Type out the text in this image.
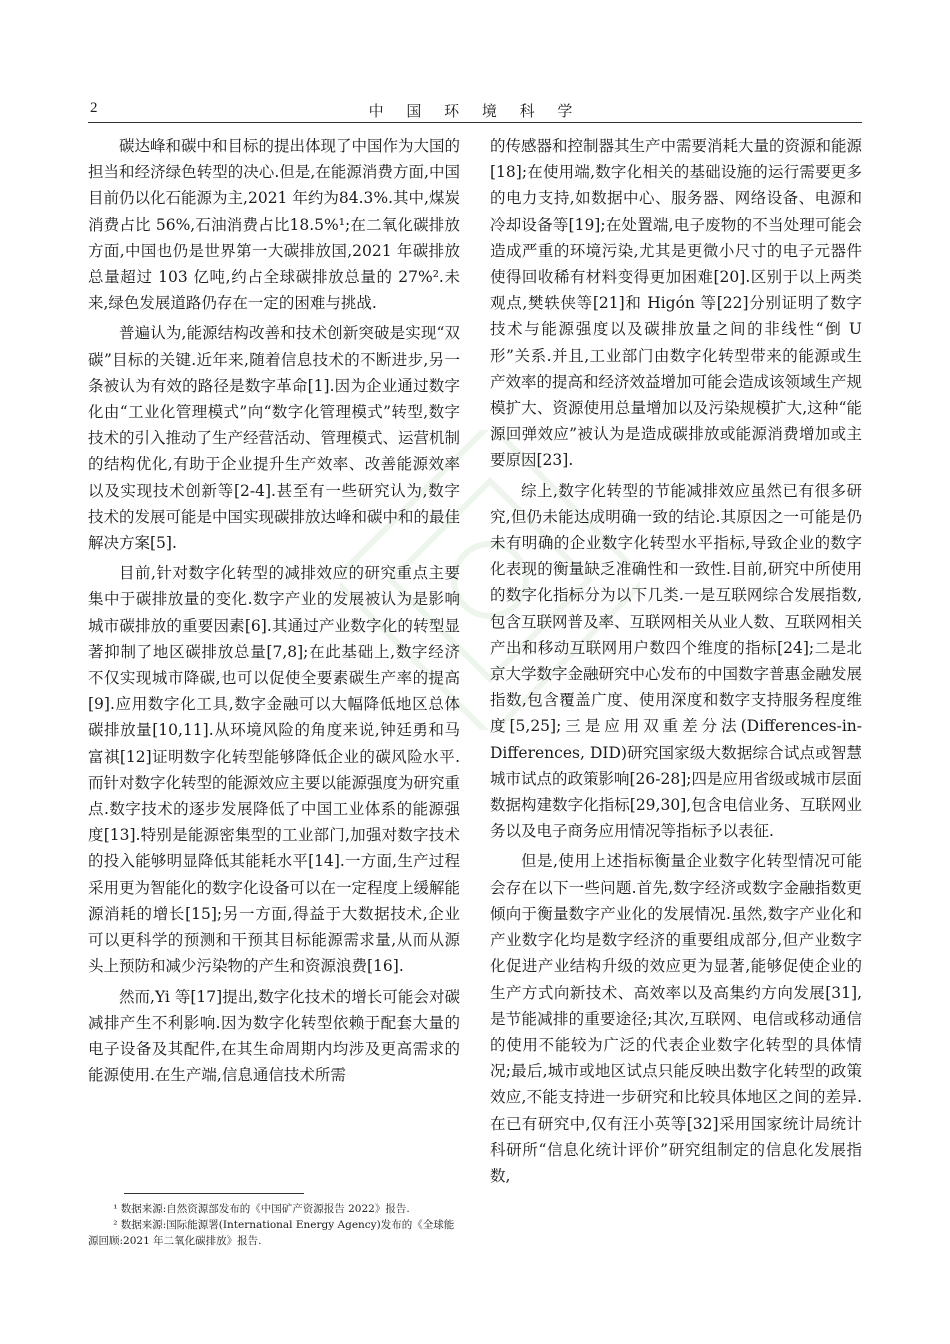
2	中 国 环 境 科 学

碳达峰和碳中和目标的提出体现了中国作为大国的担当和经济绿色转型的决心.但是,在能源消费方面,中国目前仍以化石能源为主,2021 年约为84.3%.其中,煤炭消费占比 56%,石油消费占比18.5%¹;在二氧化碳排放方面,中国也仍是世界第一大碳排放国,2021 年碳排放总量超过 103 亿吨,约占全球碳排放总量的 27%².未来,绿色发展道路仍存在一定的困难与挑战.

普遍认为,能源结构改善和技术创新突破是实现“双碳”目标的关键.近年来,随着信息技术的不断进步,另一条被认为有效的路径是数字革命[1].因为企业通过数字化由“工业化管理模式”向“数字化管理模式”转型,数字技术的引入推动了生产经营活动、管理模式、运营机制的结构优化,有助于企业提升生产效率、改善能源效率以及实现技术创新等[2-4].甚至有一些研究认为,数字技术的发展可能是中国实现碳排放达峰和碳中和的最佳解决方案[5].

目前,针对数字化转型的减排效应的研究重点主要集中于碳排放量的变化.数字产业的发展被认为是影响城市碳排放的重要因素[6].其通过产业数字化的转型显著抑制了地区碳排放总量[7,8];在此基础上,数字经济不仅实现城市降碳,也可以促使全要素碳生产率的提高[9].应用数字化工具,数字金融可以大幅降低地区总体碳排放量[10,11].从环境风险的角度来说,钟廷勇和马富祺[12]证明数字化转型能够降低企业的碳风险水平.而针对数字化转型的能源效应主要以能源强度为研究重点.数字技术的逐步发展降低了中国工业体系的能源强度[13].特别是能源密集型的工业部门,加强对数字技术的投入能够明显降低其能耗水平[14].一方面,生产过程采用更为智能化的数字化设备可以在一定程度上缓解能源消耗的增长[15];另一方面,得益于大数据技术,企业可以更科学的预测和干预其目标能源需求量,从而从源头上预防和减少污染物的产生和资源浪费[16].

然而,Yi 等[17]提出,数字化技术的增长可能会对碳减排产生不利影响.因为数字化转型依赖于配套大量的电子设备及其配件,在其生命周期内均涉及更高需求的能源使用.在生产端,信息通信技术所需

的传感器和控制器其生产中需要消耗大量的资源和能源[18];在使用端,数字化相关的基础设施的运行需要更多的电力支持,如数据中心、服务器、网络设备、电源和冷却设备等[19];在处置端,电子废物的不当处理可能会造成严重的环境污染,尤其是更微小尺寸的电子元器件使得回收稀有材料变得更加困难[20].区别于以上两类观点,樊轶侠等[21]和 Higón 等[22]分别证明了数字技术与能源强度以及碳排放量之间的非线性“倒 U 形”关系.并且,工业部门由数字化转型带来的能源或生产效率的提高和经济效益增加可能会造成该领域生产规模扩大、资源使用总量增加以及污染规模扩大,这种“能源回弹效应”被认为是造成碳排放或能源消费增加或主要原因[23].

综上,数字化转型的节能减排效应虽然已有很多研究,但仍未能达成明确一致的结论.其原因之一可能是仍未有明确的企业数字化转型水平指标,导致企业的数字化表现的衡量缺乏准确性和一致性.目前,研究中所使用的数字化指标分为以下几类.一是互联网综合发展指数,包含互联网普及率、互联网相关从业人数、互联网相关产出和移动互联网用户数四个维度的指标[24];二是北京大学数字金融研究中心发布的中国数字普惠金融发展指数,包含覆盖广度、使用深度和数字支持服务程度维度[5,25];三是应用双重差分法(Differences-in-Differences, DID)研究国家级大数据综合试点或智慧城市试点的政策影响[26-28];四是应用省级或城市层面数据构建数字化指标[29,30],包含电信业务、互联网业务以及电子商务应用情况等指标予以表征.

但是,使用上述指标衡量企业数字化转型情况可能会存在以下一些问题.首先,数字经济或数字金融指数更倾向于衡量数字产业化的发展情况.虽然,数字产业化和产业数字化均是数字经济的重要组成部分,但产业数字化促进产业结构升级的效应更为显著,能够促使企业的生产方式向新技术、高效率以及高集约方向发展[31],是节能减排的重要途径;其次,互联网、电信或移动通信的使用不能较为广泛的代表企业数字化转型的具体情况;最后,城市或地区试点只能反映出数字化转型的政策效应,不能支持进一步研究和比较具体地区之间的差异.在已有研究中,仅有汪小英等[32]采用国家统计局统计科研所“信息化统计评价”研究组制定的信息化发展指数,

¹ 数据来源:自然资源部发布的《中国矿产资源报告 2022》报告.

² 数据来源:国际能源署(International Energy Agency)发布的《全球能源回顾:2021 年二氧化碳排放》报告.
